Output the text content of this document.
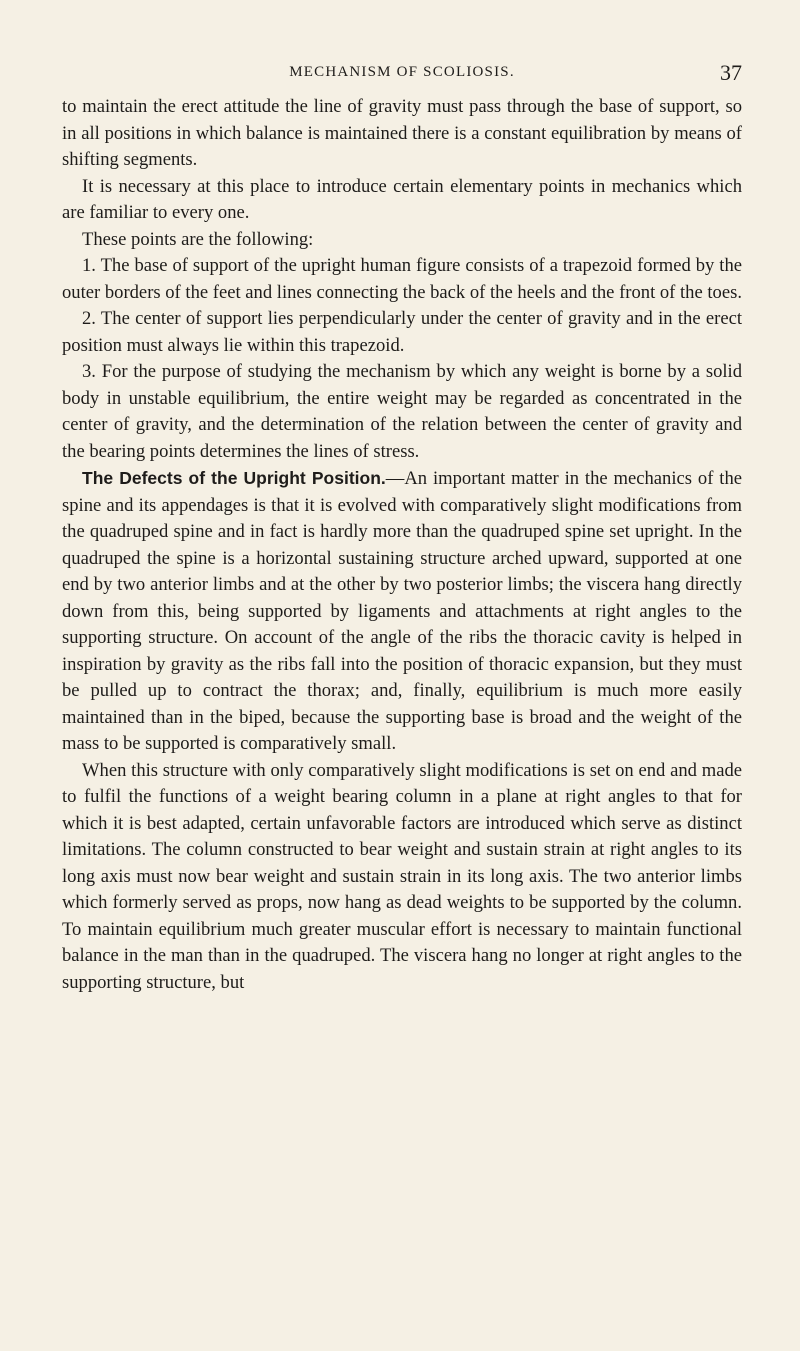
MECHANISM OF SCOLIOSIS.	37

to maintain the erect attitude the line of gravity must pass through the base of support, so in all positions in which balance is maintained there is a constant equilibration by means of shifting segments.

It is necessary at this place to introduce certain elementary points in mechanics which are familiar to every one.

These points are the following:

1. The base of support of the upright human figure consists of a trapezoid formed by the outer borders of the feet and lines connecting the back of the heels and the front of the toes.

2. The center of support lies perpendicularly under the center of gravity and in the erect position must always lie within this trapezoid.

3. For the purpose of studying the mechanism by which any weight is borne by a solid body in unstable equilibrium, the entire weight may be regarded as concentrated in the center of gravity, and the determination of the relation between the center of gravity and the bearing points determines the lines of stress.

The Defects of the Upright Position.—An important matter in the mechanics of the spine and its appendages is that it is evolved with comparatively slight modifications from the quadruped spine and in fact is hardly more than the quadruped spine set upright. In the quadruped the spine is a horizontal sustaining structure arched upward, supported at one end by two anterior limbs and at the other by two posterior limbs; the viscera hang directly down from this, being supported by ligaments and attachments at right angles to the supporting structure. On account of the angle of the ribs the thoracic cavity is helped in inspiration by gravity as the ribs fall into the position of thoracic expansion, but they must be pulled up to contract the thorax; and, finally, equilibrium is much more easily maintained than in the biped, because the supporting base is broad and the weight of the mass to be supported is comparatively small.

When this structure with only comparatively slight modifications is set on end and made to fulfil the functions of a weight bearing column in a plane at right angles to that for which it is best adapted, certain unfavorable factors are introduced which serve as distinct limitations. The column constructed to bear weight and sustain strain at right angles to its long axis must now bear weight and sustain strain in its long axis. The two anterior limbs which formerly served as props, now hang as dead weights to be supported by the column. To maintain equilibrium much greater muscular effort is necessary to maintain functional balance in the man than in the quadruped. The viscera hang no longer at right angles to the supporting structure, but
